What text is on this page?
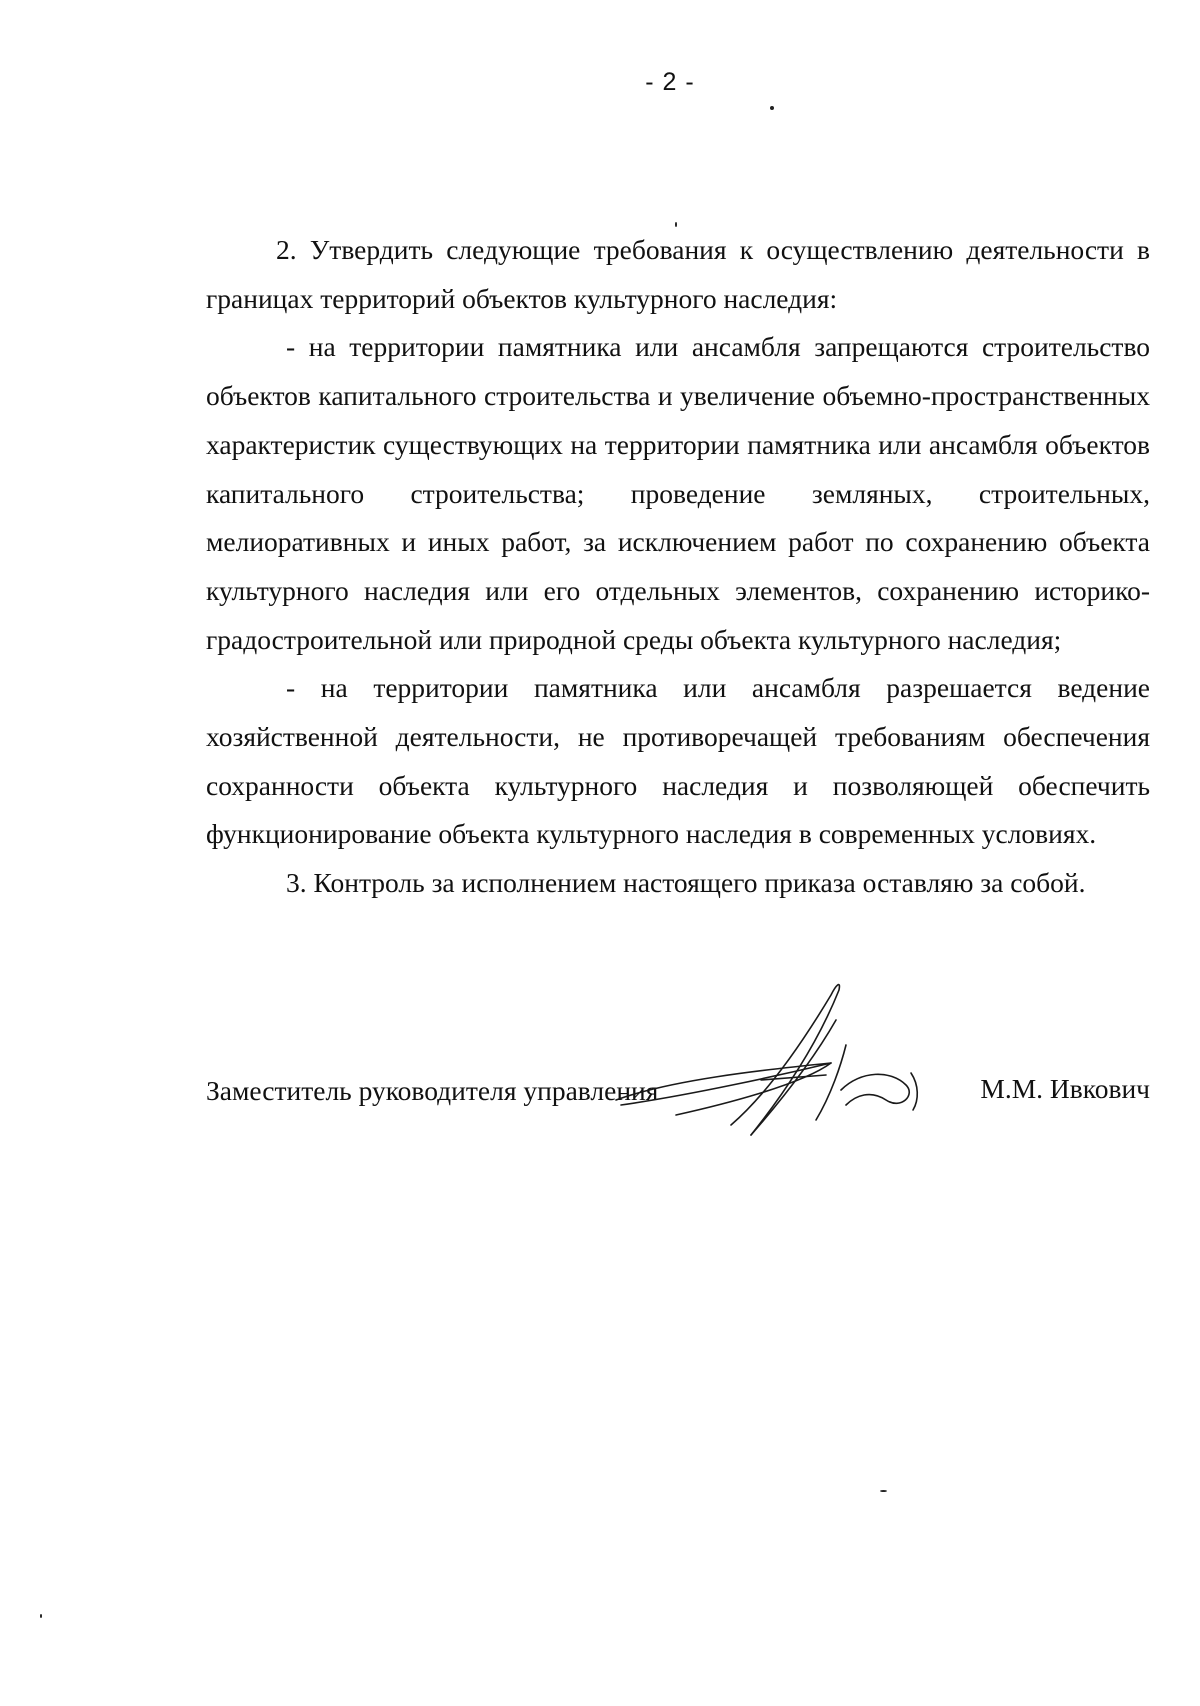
- 2 -

2. Утвердить следующие требования к осуществлению деятельности в границах территорий объектов культурного наследия:

- на территории памятника или ансамбля запрещаются строительство объектов капитального строительства и увеличение объемно-пространственных характеристик существующих на территории памятника или ансамбля объектов капитального строительства; проведение земляных, строительных, мелиоративных и иных работ, за исключением работ по сохранению объекта культурного наследия или его отдельных элементов, сохранению историко-градостроительной или природной среды объекта культурного наследия;

- на территории памятника или ансамбля разрешается ведение хозяйственной деятельности, не противоречащей требованиям обеспечения сохранности объекта культурного наследия и позволяющей обеспечить функционирование объекта культурного наследия в современных условиях.

3. Контроль за исполнением настоящего приказа оставляю за собой.

Заместитель руководителя управления	М.М. Ивкович
